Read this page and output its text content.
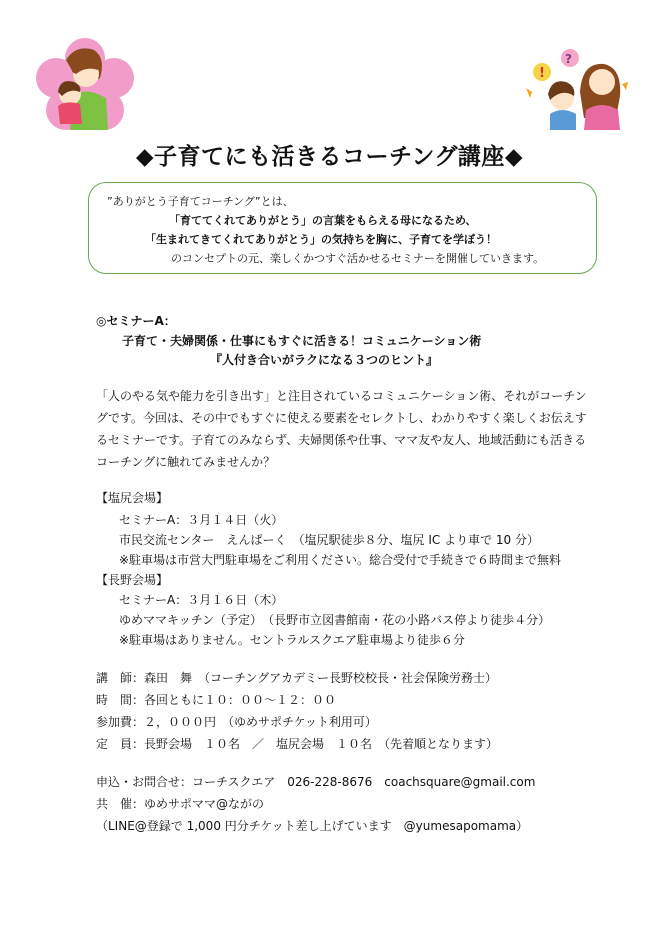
!
?
◆子育てにも活きるコーチング講座◆
”ありがとう子育てコーチング”とは、
「育ててくれてありがとう」の言葉をもらえる母になるため、
「生まれてきてくれてありがとう」の気持ちを胸に、子育てを学ぼう！
のコンセプトの元、楽しくかつすぐ活かせるセミナーを開催していきます。
◎セミナーA：
子育て・夫婦関係・仕事にもすぐに活きる！コミュニケーション術
『人付き合いがラクになる３つのヒント』
「人のやる気や能力を引き出す」と注目されているコミュニケーション術、それがコーチン
グです。今回は、その中でもすぐに使える要素をセレクトし、わかりやすく楽しくお伝えす
るセミナーです。子育てのみならず、夫婦関係や仕事、ママ友や友人、地域活動にも活きる
コーチングに触れてみませんか？
【塩尻会場】
セミナーA：３月１４日（火）
市民交流センター　えんぱーく　（塩尻駅徒歩８分、塩尻 IC より車で 10 分）
※駐車場は市営大門駐車場をご利用ください。総合受付で手続きで６時間まで無料
【長野会場】
セミナーA：３月１６日（木）
ゆめママキッチン（予定）　（長野市立図書館南・花の小路バス停より徒歩４分）
※駐車場はありません。セントラルスクエア駐車場より徒歩６分
講　師：森田　舞　（コーチングアカデミー長野校校長・社会保険労務士）
時　間：各回ともに１０：００～１２：００
参加費：２，０００円　（ゆめサポチケット利用可）
定　員：長野会場　１０名　／　塩尻会場　１０名　（先着順となります）
申込・お問合せ：コーチスクエア　026-228-8676　coachsquare@gmail.com
共　催：ゆめサポママ@ながの
（LINE@登録で 1,000 円分チケット差し上げています　@yumesapomama）
